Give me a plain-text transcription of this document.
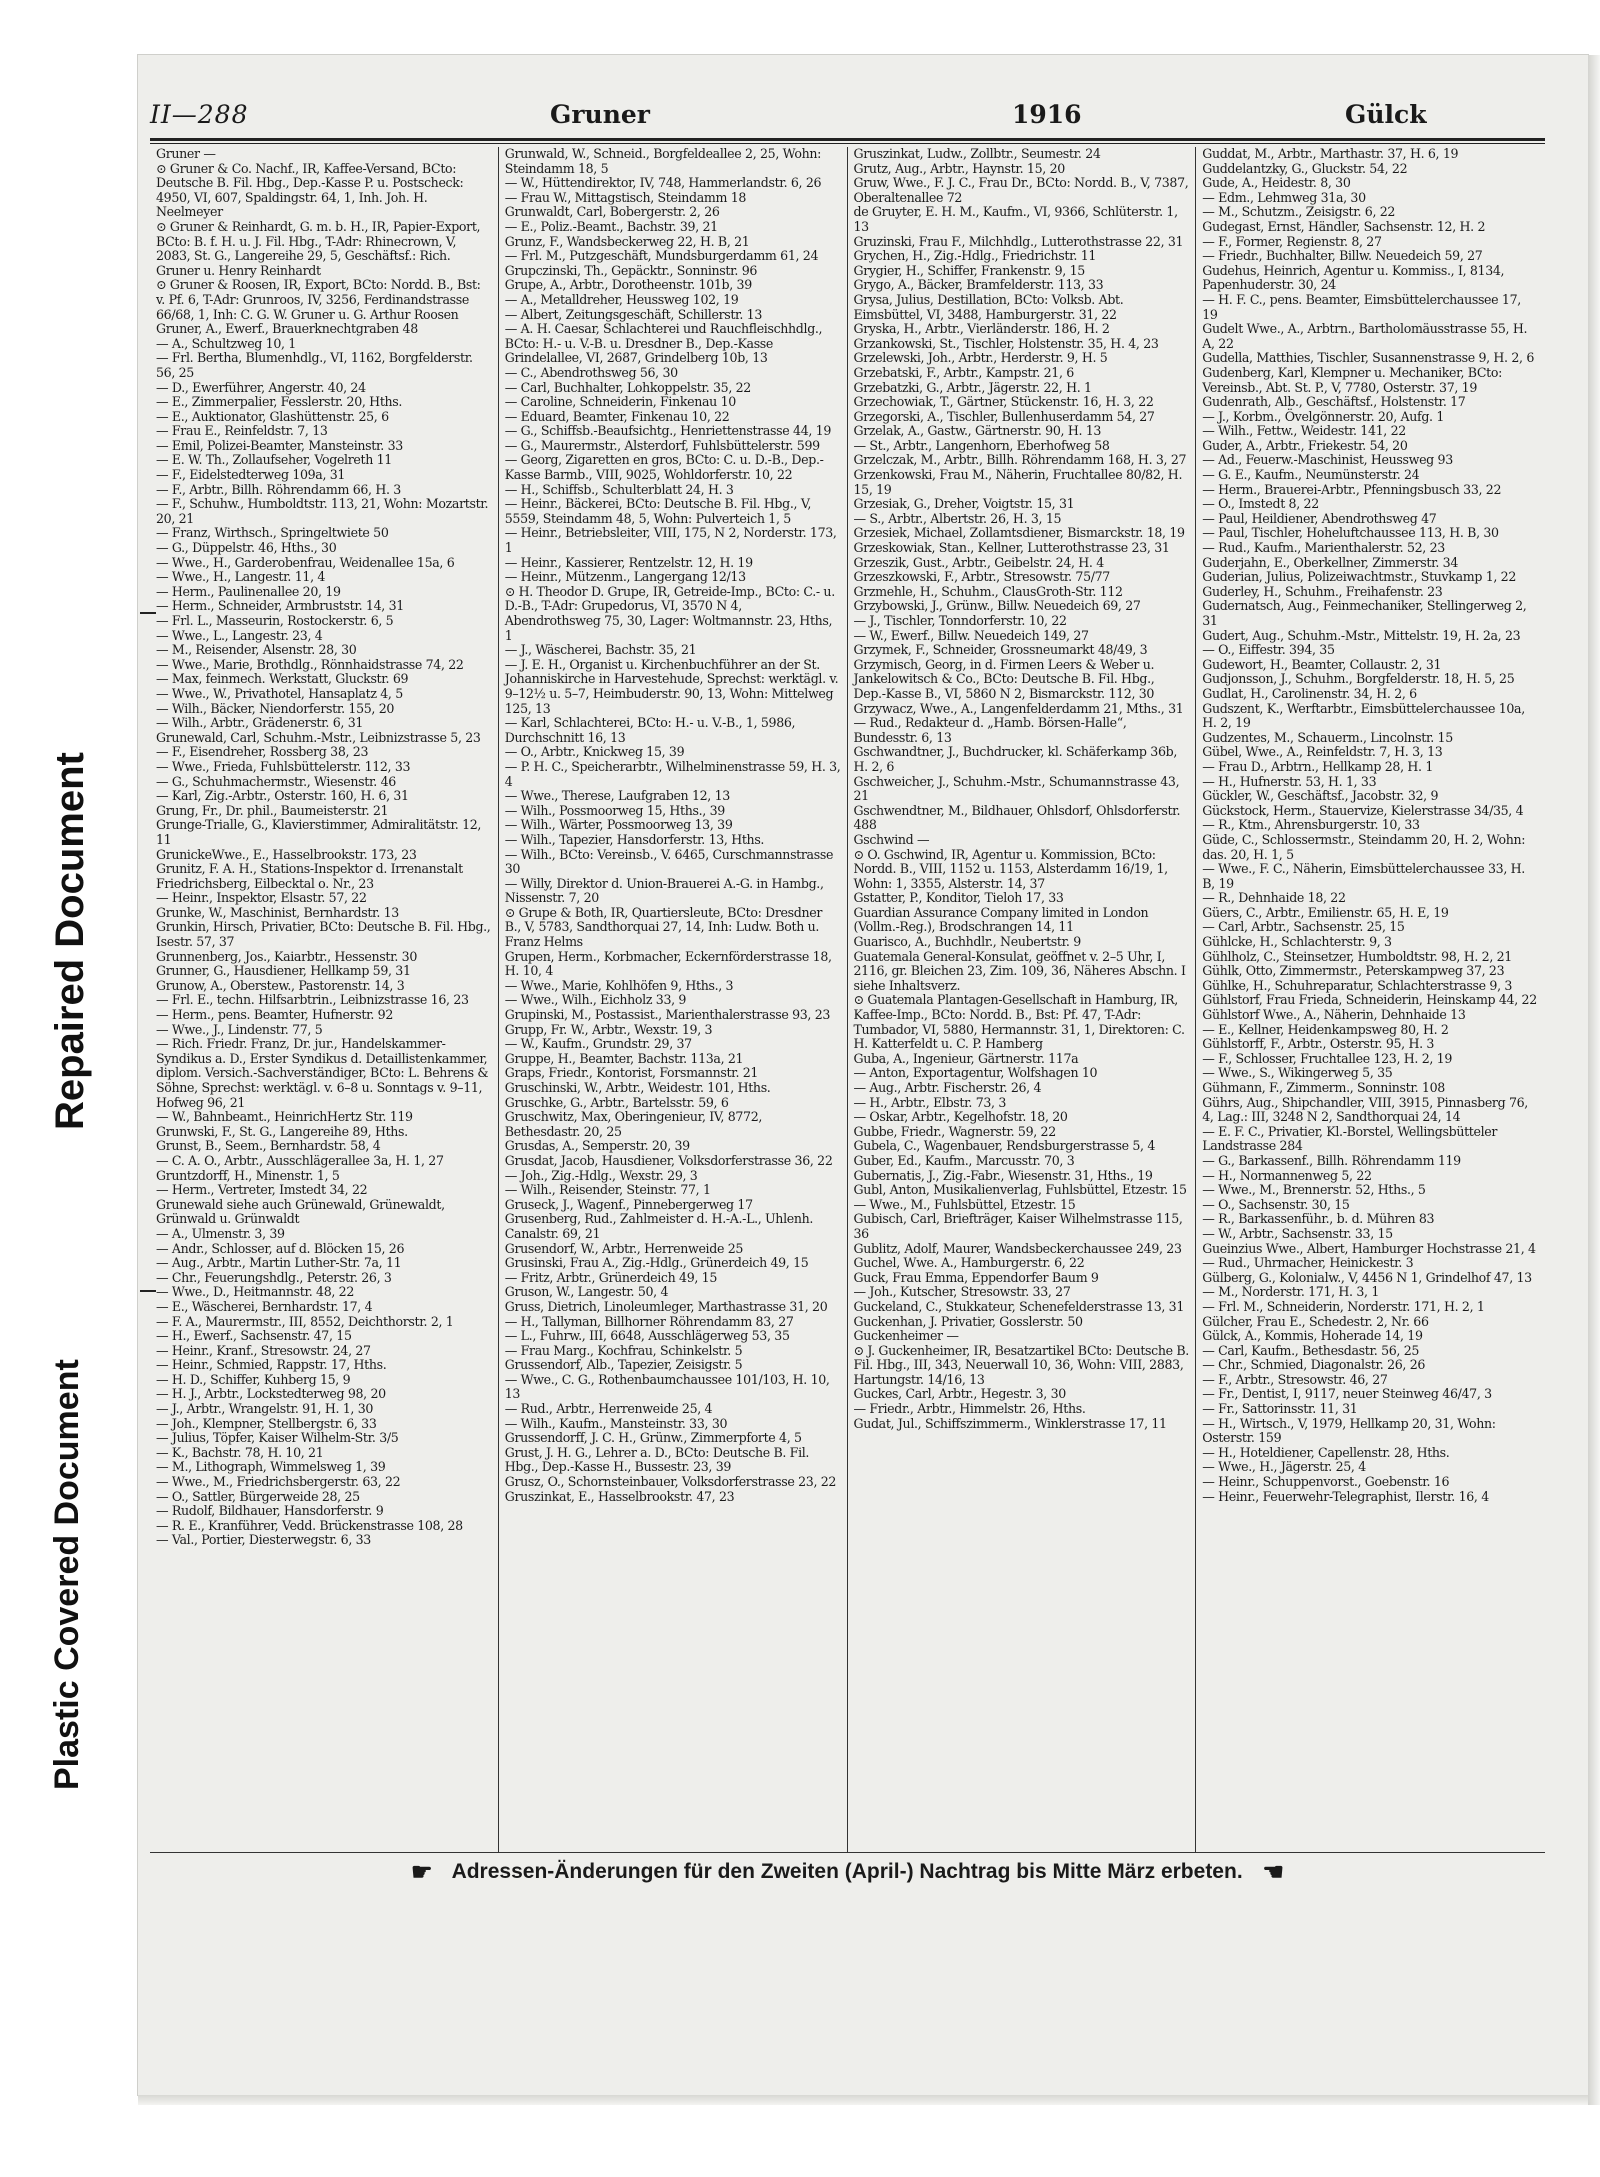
Repaired Document
Plastic Covered Document
II—288	Gruner	1916	Gülck
Gruner —
⊙ Gruner & Co. Nachf., IR, Kaffee-Versand, BCto: Deutsche B. Fil. Hbg., Dep.-Kasse P. u. Postscheck: 4950, VI, 607, Spaldingstr. 64, 1, Inh. Joh. H. Neelmeyer
⊙ Gruner & Reinhardt, G. m. b. H., IR, Papier-Export, BCto: B. f. H. u. J. Fil. Hbg., T-Adr: Rhinecrown, V, 2083, St. G., Langereihe 29, 5, Geschäftsf.: Rich. Gruner u. Henry Reinhardt
⊙ Gruner & Roosen, IR, Export, BCto: Nordd. B., Bst: v. Pf. 6, T-Adr: Grunroos, IV, 3256, Ferdinandstrasse 66/68, 1, Inh: C. G. W. Gruner u. G. Arthur Roosen
Gruner, A., Ewerf., Brauerknechtgraben 48
— A., Schultzweg 10, 1
— Frl. Bertha, Blumenhdlg., VI, 1162, Borgfelderstr. 56, 25
— D., Ewerführer, Angerstr. 40, 24
— E., Zimmerpalier, Fesslerstr. 20, Hths.
— E., Auktionator, Glashüttenstr. 25, 6
— Frau E., Reinfeldstr. 7, 13
— Emil, Polizei-Beamter, Mansteinstr. 33
— E. W. Th., Zollaufseher, Vogelreth 11
— F., Eidelstedterweg 109a, 31
— F., Arbtr., Billh. Röhrendamm 66, H. 3
— F., Schuhw., Humboldtstr. 113, 21, Wohn: Mozartstr. 20, 21
— Franz, Wirthsch., Springeltwiete 50
— G., Düppelstr. 46, Hths., 30
— Wwe., H., Garderobenfrau, Weidenallee 15a, 6
— Wwe., H., Langestr. 11, 4
— Herm., Paulinenallee 20, 19
— Herm., Schneider, Armbruststr. 14, 31
— Frl. L., Masseurin, Rostockerstr. 6, 5
— Wwe., L., Langestr. 23, 4
— M., Reisender, Alsenstr. 28, 30
— Wwe., Marie, Brothdlg., Rönnhaidstrasse 74, 22
— Max, feinmech. Werkstatt, Gluckstr. 69
— Wwe., W., Privathotel, Hansaplatz 4, 5
— Wilh., Bäcker, Niendorferstr. 155, 20
— Wilh., Arbtr., Grädenerstr. 6, 31
Grunewald, Carl, Schuhm.-Mstr., Leibnizstrasse 5, 23
— F., Eisendreher, Rossberg 38, 23
— Wwe., Frieda, Fuhlsbüttelerstr. 112, 33
— G., Schuhmachermstr., Wiesenstr. 46
— Karl, Zig.-Arbtr., Osterstr. 160, H. 6, 31
Grung, Fr., Dr. phil., Baumeisterstr. 21
Grunge-Trialle, G., Klavierstimmer, Admiralitätstr. 12, 11
GrunickeWwe., E., Hasselbrookstr. 173, 23
Grunitz, F. A. H., Stations-Inspektor d. Irrenanstalt Friedrichsberg, Eilbecktal o. Nr., 23
— Heinr., Inspektor, Elsastr. 57, 22
Grunke, W., Maschinist, Bernhardstr. 13
Grunkin, Hirsch, Privatier, BCto: Deutsche B. Fil. Hbg., Isestr. 57, 37
Grunnenberg, Jos., Kaiarbtr., Hessenstr. 30
Grunner, G., Hausdiener, Hellkamp 59, 31
Grunow, A., Oberstew., Pastorenstr. 14, 3
— Frl. E., techn. Hilfsarbtrin., Leibnizstrasse 16, 23
— Herm., pens. Beamter, Hufnerstr. 92
— Wwe., J., Lindenstr. 77, 5
— Rich. Friedr. Franz, Dr. jur., Handelskammer-Syndikus a. D., Erster Syndikus d. Detaillistenkammer, diplom. Versich.-Sachverständiger, BCto: L. Behrens & Söhne, Sprechst: werktägl. v. 6–8 u. Sonntags v. 9–11, Hofweg 96, 21
— W., Bahnbeamt., HeinrichHertz Str. 119
Grunwski, F., St. G., Langereihe 89, Hths.
Grunst, B., Seem., Bernhardstr. 58, 4
— C. A. O., Arbtr., Ausschlägerallee 3a, H. 1, 27
Gruntzdorff, H., Minenstr. 1, 5
— Herm., Vertreter, Imstedt 34, 22
Grunewald siehe auch Grünewald, Grünewaldt, Grünwald u. Grünwaldt
— A., Ulmenstr. 3, 39
— Andr., Schlosser, auf d. Blöcken 15, 26
— Aug., Arbtr., Martin Luther-Str. 7a, 11
— Chr., Feuerungshdlg., Peterstr. 26, 3
— Wwe., D., Heitmannstr. 48, 22
— E., Wäscherei, Bernhardstr. 17, 4
— F. A., Maurermstr., III, 8552, Deichthorstr. 2, 1
— H., Ewerf., Sachsenstr. 47, 15
— Heinr., Kranf., Stresowstr. 24, 27
— Heinr., Schmied, Rappstr. 17, Hths.
— H. D., Schiffer, Kuhberg 15, 9
— H. J., Arbtr., Lockstedterweg 98, 20
— J., Arbtr., Wrangelstr. 91, H. 1, 30
— Joh., Klempner, Stellbergstr. 6, 33
— Julius, Töpfer, Kaiser Wilhelm-Str. 3/5
— K., Bachstr. 78, H. 10, 21
— M., Lithograph, Wimmelsweg 1, 39
— Wwe., M., Friedrichsbergerstr. 63, 22
— O., Sattler, Bürgerweide 28, 25
— Rudolf, Bildhauer, Hansdorferstr. 9
— R. E., Kranführer, Vedd. Brückenstrasse 108, 28
— Val., Portier, Diesterwegstr. 6, 33
Grunwald, W., Schneid., Borgfeldeallee 2, 25, Wohn: Steindamm 18, 5
— W., Hüttendirektor, IV, 748, Hammerlandstr. 6, 26
— Frau W., Mittagstisch, Steindamm 18
Grunwaldt, Carl, Bobergerstr. 2, 26
— E., Poliz.-Beamt., Bachstr. 39, 21
Grunz, F., Wandsbeckerweg 22, H. B, 21
— Frl. M., Putzgeschäft, Mundsburgerdamm 61, 24
Grupczinski, Th., Gepäcktr., Sonninstr. 96
Grupe, A., Arbtr., Dorotheenstr. 101b, 39
— A., Metalldreher, Heussweg 102, 19
— Albert, Zeitungsgeschäft, Schillerstr. 13
— A. H. Caesar, Schlachterei und Rauchfleischhdlg., BCto: H.- u. V.-B. u. Dresdner B., Dep.-Kasse Grindelallee, VI, 2687, Grindelberg 10b, 13
— C., Abendrothsweg 56, 30
— Carl, Buchhalter, Lohkoppelstr. 35, 22
— Caroline, Schneiderin, Finkenau 10
— Eduard, Beamter, Finkenau 10, 22
— G., Schiffsb.-Beaufsichtg., Henriettenstrasse 44, 19
— G., Maurermstr., Alsterdorf, Fuhlsbüttelerstr. 599
— Georg, Zigaretten en gros, BCto: C. u. D.-B., Dep.-Kasse Barmb., VIII, 9025, Wohldorferstr. 10, 22
— H., Schiffsb., Schulterblatt 24, H. 3
— Heinr., Bäckerei, BCto: Deutsche B. Fil. Hbg., V, 5559, Steindamm 48, 5, Wohn: Pulverteich 1, 5
— Heinr., Betriebsleiter, VIII, 175, N 2, Norderstr. 173, 1
— Heinr., Kassierer, Rentzelstr. 12, H. 19
— Heinr., Mützenm., Langergang 12/13
⊙ H. Theodor D. Grupe, IR, Getreide-Imp., BCto: C.- u. D.-B., T-Adr: Grupedorus, VI, 3570 N 4, Abendrothsweg 75, 30, Lager: Woltmannstr. 23, Hths, 1
— J., Wäscherei, Bachstr. 35, 21
— J. E. H., Organist u. Kirchenbuchführer an der St. Johanniskirche in Harvestehude, Sprechst: werktägl. v. 9–12½ u. 5–7, Heimbuderstr. 90, 13, Wohn: Mittelweg 125, 13
— Karl, Schlachterei, BCto: H.- u. V.-B., 1, 5986, Durchschnitt 16, 13
— O., Arbtr., Knickweg 15, 39
— P. H. C., Speicherarbtr., Wilhelminenstrasse 59, H. 3, 4
— Wwe., Therese, Laufgraben 12, 13
— Wilh., Possmoorweg 15, Hths., 39
— Wilh., Wärter, Possmoorweg 13, 39
— Wilh., Tapezier, Hansdorferstr. 13, Hths.
— Wilh., BCto: Vereinsb., V. 6465, Curschmannstrasse 30
— Willy, Direktor d. Union-Brauerei A.-G. in Hambg., Nissenstr. 7, 20
⊙ Grupe & Both, IR, Quartiersleute, BCto: Dresdner B., V, 5783, Sandthorquai 27, 14, Inh: Ludw. Both u. Franz Helms
Grupen, Herm., Korbmacher, Eckernförderstrasse 18, H. 10, 4
— Wwe., Marie, Kohlhöfen 9, Hths., 3
— Wwe., Wilh., Eichholz 33, 9
Grupinski, M., Postassist., Marienthalerstrasse 93, 23
Grupp, Fr. W., Arbtr., Wexstr. 19, 3
— W., Kaufm., Grundstr. 29, 37
Gruppe, H., Beamter, Bachstr. 113a, 21
Graps, Friedr., Kontorist, Forsmannstr. 21
Gruschinski, W., Arbtr., Weidestr. 101, Hths.
Gruschke, G., Arbtr., Bartelsstr. 59, 6
Gruschwitz, Max, Oberingenieur, IV, 8772, Bethesdastr. 20, 25
Grusdas, A., Semperstr. 20, 39
Grusdat, Jacob, Hausdiener, Volksdorferstrasse 36, 22
— Joh., Zig.-Hdlg., Wexstr. 29, 3
— Wilh., Reisender, Steinstr. 77, 1
Gruseck, J., Wagenf., Pinnebergerweg 17
Grusenberg, Rud., Zahlmeister d. H.-A.-L., Uhlenh. Canalstr. 69, 21
Grusendorf, W., Arbtr., Herrenweide 25
Grusinski, Frau A., Zig.-Hdlg., Grünerdeich 49, 15
— Fritz, Arbtr., Grünerdeich 49, 15
Gruson, W., Langestr. 50, 4
Gruss, Dietrich, Linoleumleger, Marthastrasse 31, 20
— H., Tallyman, Billhorner Röhrendamm 83, 27
— L., Fuhrw., III, 6648, Ausschlägerweg 53, 35
— Frau Marg., Kochfrau, Schinkelstr. 5
Grussendorf, Alb., Tapezier, Zeisigstr. 5
— Wwe., C. G., Rothenbaumchaussee 101/103, H. 10, 13
— Rud., Arbtr., Herrenweide 25, 4
— Wilh., Kaufm., Mansteinstr. 33, 30
Grussendorff, J. C. H., Grünw., Zimmerpforte 4, 5
Grust, J. H. G., Lehrer a. D., BCto: Deutsche B. Fil. Hbg., Dep.-Kasse H., Bussestr. 23, 39
Grusz, O., Schornsteinbauer, Volksdorferstrasse 23, 22
Gruszinkat, E., Hasselbrookstr. 47, 23
Gruszinkat, Ludw., Zollbtr., Seumestr. 24
Grutz, Aug., Arbtr., Haynstr. 15, 20
Gruw, Wwe., F. J. C., Frau Dr., BCto: Nordd. B., V, 7387, Oberaltenallee 72
de Gruyter, E. H. M., Kaufm., VI, 9366, Schlüterstr. 1, 13
Gruzinski, Frau F., Milchhdlg., Lutterothstrasse 22, 31
Grychen, H., Zig.-Hdlg., Friedrichstr. 11
Grygier, H., Schiffer, Frankenstr. 9, 15
Grygo, A., Bäcker, Bramfelderstr. 113, 33
Grysa, Julius, Destillation, BCto: Volksb. Abt. Eimsbüttel, VI, 3488, Hamburgerstr. 31, 22
Gryska, H., Arbtr., Vierländerstr. 186, H. 2
Grzankowski, St., Tischler, Holstenstr. 35, H. 4, 23
Grzelewski, Joh., Arbtr., Herderstr. 9, H. 5
Grzebatski, F., Arbtr., Kampstr. 21, 6
Grzebatzki, G., Arbtr., Jägerstr. 22, H. 1
Grzechowiak, T., Gärtner, Stückenstr. 16, H. 3, 22
Grzegorski, A., Tischler, Bullenhuserdamm 54, 27
Grzelak, A., Gastw., Gärtnerstr. 90, H. 13
— St., Arbtr., Langenhorn, Eberhofweg 58
Grzelczak, M., Arbtr., Billh. Röhrendamm 168, H. 3, 27
Grzenkowski, Frau M., Näherin, Fruchtallee 80/82, H. 15, 19
Grzesiak, G., Dreher, Voigtstr. 15, 31
— S., Arbtr., Albertstr. 26, H. 3, 15
Grzesiek, Michael, Zollamtsdiener, Bismarckstr. 18, 19
Grzeskowiak, Stan., Kellner, Lutterothstrasse 23, 31
Grzeszik, Gust., Arbtr., Geibelstr. 24, H. 4
Grzeszkowski, F., Arbtr., Stresowstr. 75/77
Grzmehle, H., Schuhm., ClausGroth-Str. 112
Grzybowski, J., Grünw., Billw. Neuedeich 69, 27
— J., Tischler, Tonndorferstr. 10, 22
— W., Ewerf., Billw. Neuedeich 149, 27
Grzymek, F., Schneider, Grossneumarkt 48/49, 3
Grzymisch, Georg, in d. Firmen Leers & Weber u. Jankelowitsch & Co., BCto: Deutsche B. Fil. Hbg., Dep.-Kasse B., VI, 5860 N 2, Bismarckstr. 112, 30
Grzywacz, Wwe., A., Langenfelderdamm 21, Mths., 31
— Rud., Redakteur d. „Hamb. Börsen-Halle“, Bundesstr. 6, 13
Gschwandtner, J., Buchdrucker, kl. Schäferkamp 36b, H. 2, 6
Gschweicher, J., Schuhm.-Mstr., Schumannstrasse 43, 21
Gschwendtner, M., Bildhauer, Ohlsdorf, Ohlsdorferstr. 488
Gschwind —
⊙ O. Gschwind, IR, Agentur u. Kommission, BCto: Nordd. B., VIII, 1152 u. 1153, Alsterdamm 16/19, 1, Wohn: 1, 3355, Alsterstr. 14, 37
Gstatter, P., Konditor, Tieloh 17, 33
Guardian Assurance Company limited in London (Vollm.-Reg.), Brodschrangen 14, 11
Guarisco, A., Buchhdlr., Neubertstr. 9
Guatemala General-Konsulat, geöffnet v. 2–5 Uhr, I, 2116, gr. Bleichen 23, Zim. 109, 36, Näheres Abschn. I siehe Inhaltsverz.
⊙ Guatemala Plantagen-Gesellschaft in Hamburg, IR, Kaffee-Imp., BCto: Nordd. B., Bst: Pf. 47, T-Adr: Tumbador, VI, 5880, Hermannstr. 31, 1, Direktoren: C. H. Katterfeldt u. C. P. Hamberg
Guba, A., Ingenieur, Gärtnerstr. 117a
— Anton, Exportagentur, Wolfshagen 10
— Aug., Arbtr. Fischerstr. 26, 4
— H., Arbtr., Elbstr. 73, 3
— Oskar, Arbtr., Kegelhofstr. 18, 20
Gubbe, Friedr., Wagnerstr. 59, 22
Gubela, C., Wagenbauer, Rendsburgerstrasse 5, 4
Guber, Ed., Kaufm., Marcusstr. 70, 3
Gubernatis, J., Zig.-Fabr., Wiesenstr. 31, Hths., 19
Gubl, Anton, Musikalienverlag, Fuhlsbüttel, Etzestr. 15
— Wwe., M., Fuhlsbüttel, Etzestr. 15
Gubisch, Carl, Briefträger, Kaiser Wilhelmstrasse 115, 36
Gublitz, Adolf, Maurer, Wandsbeckerchaussee 249, 23
Guchel, Wwe. A., Hamburgerstr. 6, 22
Guck, Frau Emma, Eppendorfer Baum 9
— Joh., Kutscher, Stresowstr. 33, 27
Guckeland, C., Stukkateur, Schenefelderstrasse 13, 31
Guckenhan, J. Privatier, Gosslerstr. 50
Guckenheimer —
⊙ J. Guckenheimer, IR, Besatzartikel BCto: Deutsche B. Fil. Hbg., III, 343, Neuerwall 10, 36, Wohn: VIII, 2883, Hartungstr. 14/16, 13
Guckes, Carl, Arbtr., Hegestr. 3, 30
— Friedr., Arbtr., Himmelstr. 26, Hths.
Gudat, Jul., Schiffszimmerm., Winklerstrasse 17, 11
Guddat, M., Arbtr., Marthastr. 37, H. 6, 19
Guddelantzky, G., Gluckstr. 54, 22
Gude, A., Heidestr. 8, 30
— Edm., Lehmweg 31a, 30
— M., Schutzm., Zeisigstr. 6, 22
Gudegast, Ernst, Händler, Sachsenstr. 12, H. 2
— F., Former, Regienstr. 8, 27
— Friedr., Buchhalter, Billw. Neuedeich 59, 27
Gudehus, Heinrich, Agentur u. Kommiss., I, 8134, Papenhuderstr. 30, 24
— H. F. C., pens. Beamter, Eimsbüttelerchaussee 17, 19
Gudelt Wwe., A., Arbtrn., Bartholomäusstrasse 55, H. A, 22
Gudella, Matthies, Tischler, Susannenstrasse 9, H. 2, 6
Gudenberg, Karl, Klempner u. Mechaniker, BCto: Vereinsb., Abt. St. P., V, 7780, Osterstr. 37, 19
Gudenrath, Alb., Geschäftsf., Holstenstr. 17
— J., Korbm., Övelgönnerstr. 20, Aufg. 1
— Wilh., Fettw., Weidestr. 141, 22
Guder, A., Arbtr., Friekestr. 54, 20
— Ad., Feuerw.-Maschinist, Heussweg 93
— G. E., Kaufm., Neumünsterstr. 24
— Herm., Brauerei-Arbtr., Pfenningsbusch 33, 22
— O., Imstedt 8, 22
— Paul, Heildiener, Abendrothsweg 47
— Paul, Tischler, Hoheluftchaussee 113, H. B, 30
— Rud., Kaufm., Marienthalerstr. 52, 23
Guderjahn, E., Oberkellner, Zimmerstr. 34
Guderian, Julius, Polizeiwachtmstr., Stuvkamp 1, 22
Guderley, H., Schuhm., Freihafenstr. 23
Gudernatsch, Aug., Feinmechaniker, Stellingerweg 2, 31
Gudert, Aug., Schuhm.-Mstr., Mittelstr. 19, H. 2a, 23
— O., Eiffestr. 394, 35
Gudewort, H., Beamter, Collaustr. 2, 31
Gudjonsson, J., Schuhm., Borgfelderstr. 18, H. 5, 25
Gudlat, H., Carolinenstr. 34, H. 2, 6
Gudszent, K., Werftarbtr., Eimsbüttelerchaussee 10a, H. 2, 19
Gudzentes, M., Schauerm., Lincolnstr. 15
Gübel, Wwe., A., Reinfeldstr. 7, H. 3, 13
— Frau D., Arbtrn., Hellkamp 28, H. 1
— H., Hufnerstr. 53, H. 1, 33
Gückler, W., Geschäftsf., Jacobstr. 32, 9
Gückstock, Herm., Stauervize, Kielerstrasse 34/35, 4
— R., Ktm., Ahrensburgerstr. 10, 33
Güde, C., Schlossermstr., Steindamm 20, H. 2, Wohn: das. 20, H. 1, 5
— Wwe., F. C., Näherin, Eimsbüttelerchaussee 33, H. B, 19
— R., Dehnhaide 18, 22
Güers, C., Arbtr., Emilienstr. 65, H. E, 19
— Carl, Arbtr., Sachsenstr. 25, 15
Gühlcke, H., Schlachterstr. 9, 3
Gühlholz, C., Steinsetzer, Humboldtstr. 98, H. 2, 21
Gühlk, Otto, Zimmermstr., Peterskampweg 37, 23
Gühlke, H., Schuhreparatur, Schlachterstrasse 9, 3
Gühlstorf, Frau Frieda, Schneiderin, Heinskamp 44, 22
Gühlstorf Wwe., A., Näherin, Dehnhaide 13
— E., Kellner, Heidenkampsweg 80, H. 2
Gühlstorff, F., Arbtr., Osterstr. 95, H. 3
— F., Schlosser, Fruchtallee 123, H. 2, 19
— Wwe., S., Wikingerweg 5, 35
Gühmann, F., Zimmerm., Sonninstr. 108
Gührs, Aug., Shipchandler, VIII, 3915, Pinnasberg 76, 4, Lag.: III, 3248 N 2, Sandthorquai 24, 14
— E. F. C., Privatier, Kl.-Borstel, Wellingsbütteler Landstrasse 284
— G., Barkassenf., Billh. Röhrendamm 119
— H., Normannenweg 5, 22
— Wwe., M., Brennerstr. 52, Hths., 5
— O., Sachsenstr. 30, 15
— R., Barkassenführ., b. d. Mühren 83
— W., Arbtr., Sachsenstr. 33, 15
Gueinzius Wwe., Albert, Hamburger Hochstrasse 21, 4
— Rud., Uhrmacher, Heinickestr. 3
Gülberg, G., Kolonialw., V, 4456 N 1, Grindelhof 47, 13
— M., Norderstr. 171, H. 3, 1
— Frl. M., Schneiderin, Norderstr. 171, H. 2, 1
Gülcher, Frau E., Schedestr. 2, Nr. 66
Gülck, A., Kommis, Hoherade 14, 19
— Carl, Kaufm., Bethesdastr. 56, 25
— Chr., Schmied, Diagonalstr. 26, 26
— F., Arbtr., Stresowstr. 46, 27
— Fr., Dentist, I, 9117, neuer Steinweg 46/47, 3
— Fr., Sattorinsstr. 11, 31
— H., Wirtsch., V, 1979, Hellkamp 20, 31, Wohn: Osterstr. 159
— H., Hoteldiener, Capellenstr. 28, Hths.
— Wwe., H., Jägerstr. 25, 4
— Heinr., Schuppenvorst., Goebenstr. 16
— Heinr., Feuerwehr-Telegraphist, Ilerstr. 16, 4
☛ Adressen-Änderungen für den Zweiten (April-) Nachtrag bis Mitte März erbeten. ☚
